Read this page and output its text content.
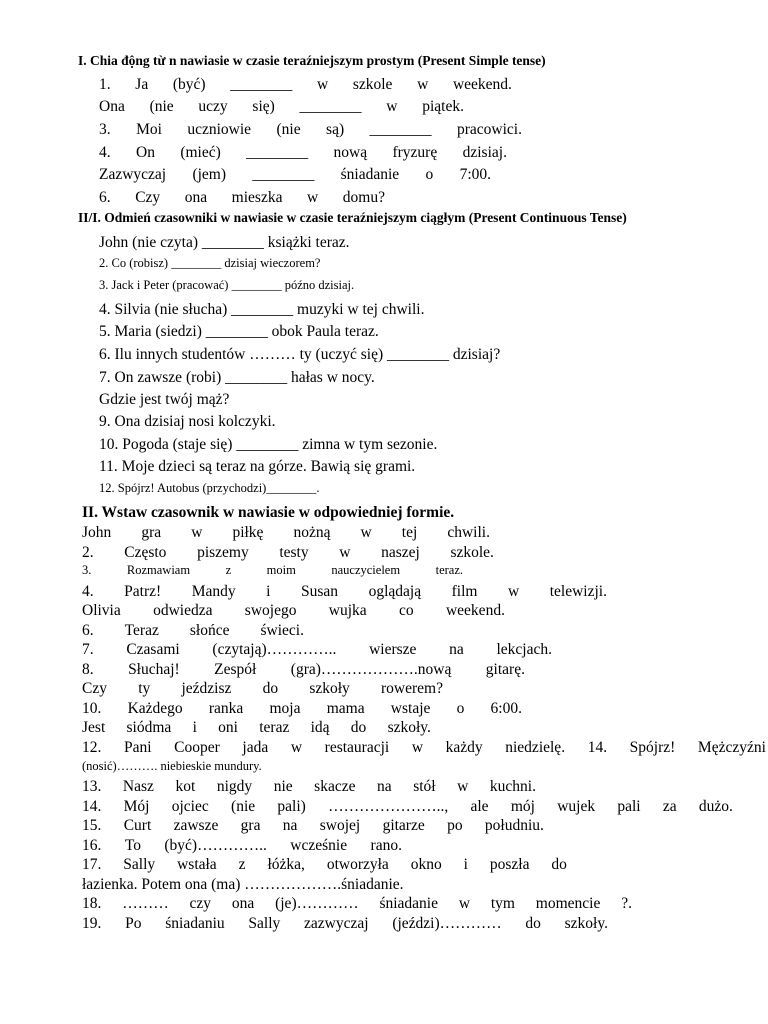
I. Chia động từ n nawiasie w czasie teraźniejszym prostym (Present Simple tense)
1. Ja (być) ________ w szkole w weekend.
Ona (nie uczy się) ________ w piątek.
3. Moi uczniowie (nie są) ________ pracowici.
4. On (mieć) ________ nową fryzurę dzisiaj.
Zazwyczaj (jem) ________ śniadanie o 7:00.
6. Czy ona mieszka w domu?
II/I. Odmień czasowniki w nawiasie w czasie teraźniejszym ciągłym (Present Continuous Tense)
John (nie czyta) ________ książki teraz.
2. Co (robisz) ________ dzisiaj wieczorem?
3. Jack i Peter (pracować) ________ późno dzisiaj.
4. Silvia (nie słucha) ________ muzyki w tej chwili.
5. Maria (siedzi) ________ obok Paula teraz.
6. Ilu innych studentów ……… ty (uczyć się) ________ dzisiaj?
7. On zawsze (robi) ________ hałas w nocy.
Gdzie jest twój mąż?
9. Ona dzisiaj nosi kolczyki.
10. Pogoda (staje się) ________ zimna w tym sezonie.
11. Moje dzieci są teraz na górze. Bawią się grami.
12. Spójrz! Autobus (przychodzi)________.
II. Wstaw czasownik w nawiasie w odpowiedniej formie.
John gra w piłkę nożną w tej chwili.
2. Często piszemy testy w naszej szkole.
3.	Rozmawiam	z	moim	nauczycielem	teraz.
4. Patrz! Mandy i Susan oglądają film w telewizji.
Olivia odwiedza swojego wujka co weekend.
6. Teraz słońce świeci.
7. Czasami (czytają)………….. wiersze na lekcjach.
8. Słuchaj! Zespół (gra)……………….nową gitarę.
Czy ty jeździsz do szkoły rowerem?
10. Każdego ranka moja mama wstaje o 6:00.
Jest siódma i oni teraz idą do szkoły.
12. Pani Cooper jada w restauracji w każdy niedzielę. 14. Spójrz! Mężczyźni
(nosić)………. niebieskie mundury.
13. Nasz kot nigdy nie skacze na stół w kuchni.
14. Mój ojciec (nie pali) ………………….., ale mój wujek pali za dużo.
15. Curt zawsze gra na swojej gitarze po południu.
16. To (być)………….. wcześnie rano.
17. Sally wstała z łóżka, otworzyła okno i poszła do
łazienka. Potem ona (ma) ……………….śniadanie.
18. ……… czy ona (je)………… śniadanie w tym momencie ?.
19. Po śniadaniu Sally zazwyczaj (jeździ)………… do szkoły.
